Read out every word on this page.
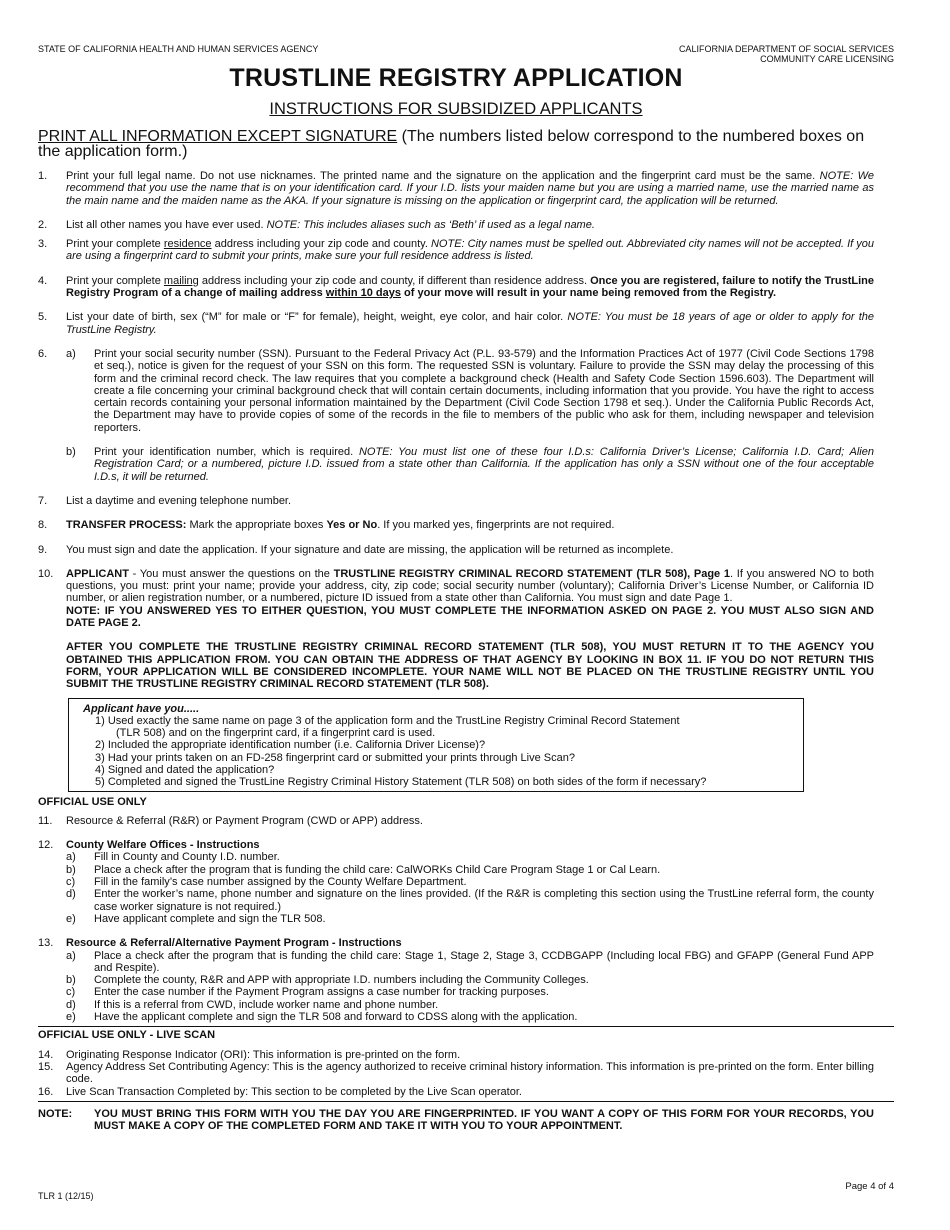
STATE OF CALIFORNIA HEALTH AND HUMAN SERVICES AGENCY	CALIFORNIA DEPARTMENT OF SOCIAL SERVICES
COMMUNITY CARE LICENSING
TRUSTLINE REGISTRY APPLICATION
INSTRUCTIONS FOR SUBSIDIZED APPLICANTS
PRINT ALL INFORMATION EXCEPT SIGNATURE (The numbers listed below correspond to the numbered boxes on the application form.)
1. Print your full legal name. Do not use nicknames. The printed name and the signature on the application and the fingerprint card must be the same. NOTE: We recommend that you use the name that is on your identification card. If your I.D. lists your maiden name but you are using a married name, use the married name as the main name and the maiden name as the AKA. If your signature is missing on the application or fingerprint card, the application will be returned.
2. List all other names you have ever used. NOTE: This includes aliases such as ‘Beth’ if used as a legal name.
3. Print your complete residence address including your zip code and county. NOTE: City names must be spelled out. Abbreviated city names will not be accepted. If you are using a fingerprint card to submit your prints, make sure your full residence address is listed.
4. Print your complete mailing address including your zip code and county, if different than residence address. Once you are registered, failure to notify the TrustLine Registry Program of a change of mailing address within 10 days of your move will result in your name being removed from the Registry.
5. List your date of birth, sex (“M” for male or “F” for female), height, weight, eye color, and hair color. NOTE: You must be 18 years of age or older to apply for the TrustLine Registry.
6. a) Print your social security number (SSN). Pursuant to the Federal Privacy Act (P.L. 93-579) and the Information Practices Act of 1977 (Civil Code Sections 1798 et seq.), notice is given for the request of your SSN on this form. The requested SSN is voluntary. Failure to provide the SSN may delay the processing of this form and the criminal record check. The law requires that you complete a background check (Health and Safety Code Section 1596.603). The Department will create a file concerning your criminal background check that will contain certain documents, including information that you provide. You have the right to access certain records containing your personal information maintained by the Department (Civil Code Section 1798 et seq.). Under the California Public Records Act, the Department may have to provide copies of some of the records in the file to members of the public who ask for them, including newspaper and television reporters.
b) Print your identification number, which is required. NOTE: You must list one of these four I.D.s: California Driver’s License; California I.D. Card; Alien Registration Card; or a numbered, picture I.D. issued from a state other than California. If the application has only a SSN without one of the four acceptable I.D.s, it will be returned.
7. List a daytime and evening telephone number.
8. TRANSFER PROCESS: Mark the appropriate boxes Yes or No. If you marked yes, fingerprints are not required.
9. You must sign and date the application. If your signature and date are missing, the application will be returned as incomplete.
10. APPLICANT - You must answer the questions on the TRUSTLINE REGISTRY CRIMINAL RECORD STATEMENT (TLR 508), Page 1. If you answered NO to both questions, you must: print your name; provide your address, city, zip code; social security number (voluntary); California Driver’s License Number, or California ID number, or alien registration number, or a numbered, picture ID issued from a state other than California. You must sign and date Page 1.
NOTE: IF YOU ANSWERED YES TO EITHER QUESTION, YOU MUST COMPLETE THE INFORMATION ASKED ON PAGE 2. YOU MUST ALSO SIGN AND DATE PAGE 2.
AFTER YOU COMPLETE THE TRUSTLINE REGISTRY CRIMINAL RECORD STATEMENT (TLR 508), YOU MUST RETURN IT TO THE AGENCY YOU OBTAINED THIS APPLICATION FROM. YOU CAN OBTAIN THE ADDRESS OF THAT AGENCY BY LOOKING IN BOX 11. IF YOU DO NOT RETURN THIS FORM, YOUR APPLICATION WILL BE CONSIDERED INCOMPLETE. YOUR NAME WILL NOT BE PLACED ON THE TRUSTLINE REGISTRY UNTIL YOU SUBMIT THE TRUSTLINE REGISTRY CRIMINAL RECORD STATEMENT (TLR 508).
Applicant have you.....
1) Used exactly the same name on page 3 of the application form and the TrustLine Registry Criminal Record Statement
(TLR 508) and on the fingerprint card, if a fingerprint card is used.
2) Included the appropriate identification number (i.e. California Driver License)?
3) Had your prints taken on an FD-258 fingerprint card or submitted your prints through Live Scan?
4) Signed and dated the application?
5) Completed and signed the TrustLine Registry Criminal History Statement (TLR 508) on both sides of the form if necessary?
OFFICIAL USE ONLY
11. Resource & Referral (R&R) or Payment Program (CWD or APP) address.
12. County Welfare Offices - Instructions
a) Fill in County and County I.D. number.
b) Place a check after the program that is funding the child care: CalWORKs Child Care Program Stage 1 or Cal Learn.
c) Fill in the family’s case number assigned by the County Welfare Department.
d) Enter the worker’s name, phone number and signature on the lines provided. (If the R&R is completing this section using the TrustLine referral form, the county case worker signature is not required.)
e) Have applicant complete and sign the TLR 508.
13. Resource & Referral/Alternative Payment Program - Instructions
a) Place a check after the program that is funding the child care: Stage 1, Stage 2, Stage 3, CCDBGAPP (Including local FBG) and GFAPP (General Fund APP and Respite).
b) Complete the county, R&R and APP with appropriate I.D. numbers including the Community Colleges.
c) Enter the case number if the Payment Program assigns a case number for tracking purposes.
d) If this is a referral from CWD, include worker name and phone number.
e) Have the applicant complete and sign the TLR 508 and forward to CDSS along with the application.
OFFICIAL USE ONLY - LIVE SCAN
14. Originating Response Indicator (ORI): This information is pre-printed on the form.
15. Agency Address Set Contributing Agency: This is the agency authorized to receive criminal history information. This information is pre-printed on the form. Enter billing code.
16. Live Scan Transaction Completed by: This section to be completed by the Live Scan operator.
NOTE: YOU MUST BRING THIS FORM WITH YOU THE DAY YOU ARE FINGERPRINTED. IF YOU WANT A COPY OF THIS FORM FOR YOUR RECORDS, YOU MUST MAKE A COPY OF THE COMPLETED FORM AND TAKE IT WITH YOU TO YOUR APPOINTMENT.
TLR 1 (12/15)
Page 4 of 4
